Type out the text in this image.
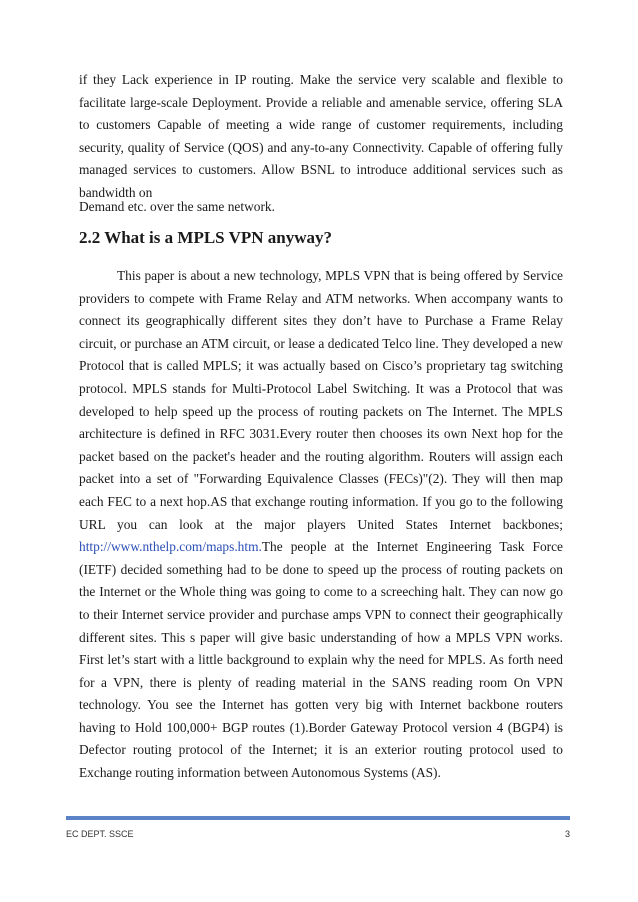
if they Lack experience in IP routing. Make the service very scalable and flexible to facilitate large-scale Deployment. Provide a reliable and amenable service, offering SLA to customers Capable of meeting a wide range of customer requirements, including security, quality of Service (QOS) and any-to-any Connectivity. Capable of offering fully managed services to customers. Allow BSNL to introduce additional services such as bandwidth on

Demand etc. over the same network.

2.2 What is a MPLS VPN anyway?

This paper is about a new technology, MPLS VPN that is being offered by Service providers to compete with Frame Relay and ATM networks. When accompany wants to connect its geographically different sites they don’t have to Purchase a Frame Relay circuit, or purchase an ATM circuit, or lease a dedicated Telco line. They developed a new Protocol that is called MPLS; it was actually based on Cisco’s proprietary tag switching protocol. MPLS stands for Multi-Protocol Label Switching. It was a Protocol that was developed to help speed up the process of routing packets on The Internet. The MPLS architecture is defined in RFC 3031.Every router then chooses its own Next hop for the packet based on the packet's header and the routing algorithm. Routers will assign each packet into a set of "Forwarding Equivalence Classes (FECs)"(2). They will then map each FEC to a next hop.AS that exchange routing information. If you go to the following URL you can look at the major players United States Internet backbones; http://www.nthelp.com/maps.htm.The people at the Internet Engineering Task Force (IETF) decided something had to be done to speed up the process of routing packets on the Internet or the Whole thing was going to come to a screeching halt. They can now go to their Internet service provider and purchase amps VPN to connect their geographically different sites. This s paper will give basic understanding of how a MPLS VPN works. First let’s start with a little background to explain why the need for MPLS. As forth need for a VPN, there is plenty of reading material in the SANS reading room On VPN technology. You see the Internet has gotten very big with Internet backbone routers having to Hold 100,000+ BGP routes (1).Border Gateway Protocol version 4 (BGP4) is Defector routing protocol of the Internet; it is an exterior routing protocol used to Exchange routing information between Autonomous Systems (AS).

EC DEPT. SSCE	3
